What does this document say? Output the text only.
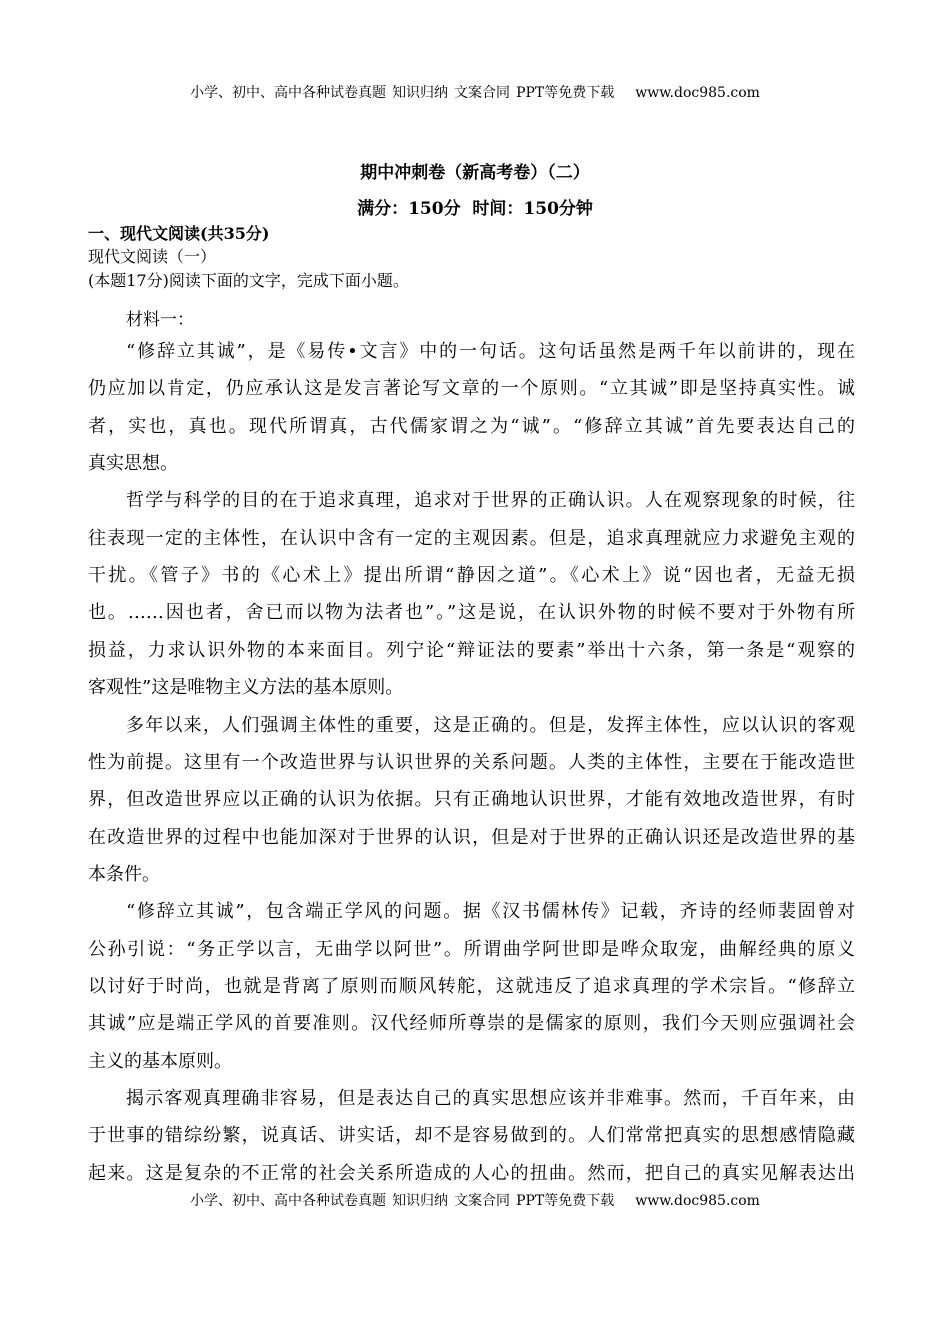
小学、初中、高中各种试卷真题 知识归纳 文案合同 PPT等免费下载 www.doc985.com
期中冲刺卷（新高考卷）（二）
满分：150分  时间：150分钟
一、现代文阅读(共35分)
现代文阅读（一）
(本题17分)阅读下面的文字，完成下面小题。
材料一：
“修辞立其诚”，是《易传•文言》中的一句话。这句话虽然是两千年以前讲的，现在
仍应加以肯定，仍应承认这是发言著论写文章的一个原则。“立其诚”即是坚持真实性。诚
者，实也，真也。现代所谓真，古代儒家谓之为“诚”。“修辞立其诚”首先要表达自己的
真实思想。
哲学与科学的目的在于追求真理，追求对于世界的正确认识。人在观察现象的时候，往
往表现一定的主体性，在认识中含有一定的主观因素。但是，追求真理就应力求避免主观的
干扰。《管子》书的《心术上》提出所谓“静因之道”。《心术上》说“因也者，无益无损
也。……因也者，舍已而以物为法者也”。”这是说，在认识外物的时候不要对于外物有所
损益，力求认识外物的本来面目。列宁论“辩证法的要素”举出十六条，第一条是“观察的
客观性”这是唯物主义方法的基本原则。
多年以来，人们强调主体性的重要，这是正确的。但是，发挥主体性，应以认识的客观
性为前提。这里有一个改造世界与认识世界的关系问题。人类的主体性，主要在于能改造世
界，但改造世界应以正确的认识为依据。只有正确地认识世界，才能有效地改造世界，有时
在改造世界的过程中也能加深对于世界的认识，但是对于世界的正确认识还是改造世界的基
本条件。
“修辞立其诚”，包含端正学风的问题。据《汉书儒林传》记载，齐诗的经师裴固曾对
公孙引说：“务正学以言，无曲学以阿世”。所谓曲学阿世即是哗众取宠，曲解经典的原义
以讨好于时尚，也就是背离了原则而顺风转舵，这就违反了追求真理的学术宗旨。“修辞立
其诚”应是端正学风的首要准则。汉代经师所尊崇的是儒家的原则，我们今天则应强调社会
主义的基本原则。
揭示客观真理确非容易，但是表达自己的真实思想应该并非难事。然而，千百年来，由
于世事的错综纷繁，说真话、讲实话，却不是容易做到的。人们常常把真实的思想感情隐藏
起来。这是复杂的不正常的社会关系所造成的人心的扭曲。然而，把自己的真实见解表达出
小学、初中、高中各种试卷真题 知识归纳 文案合同 PPT等免费下载 www.doc985.com
